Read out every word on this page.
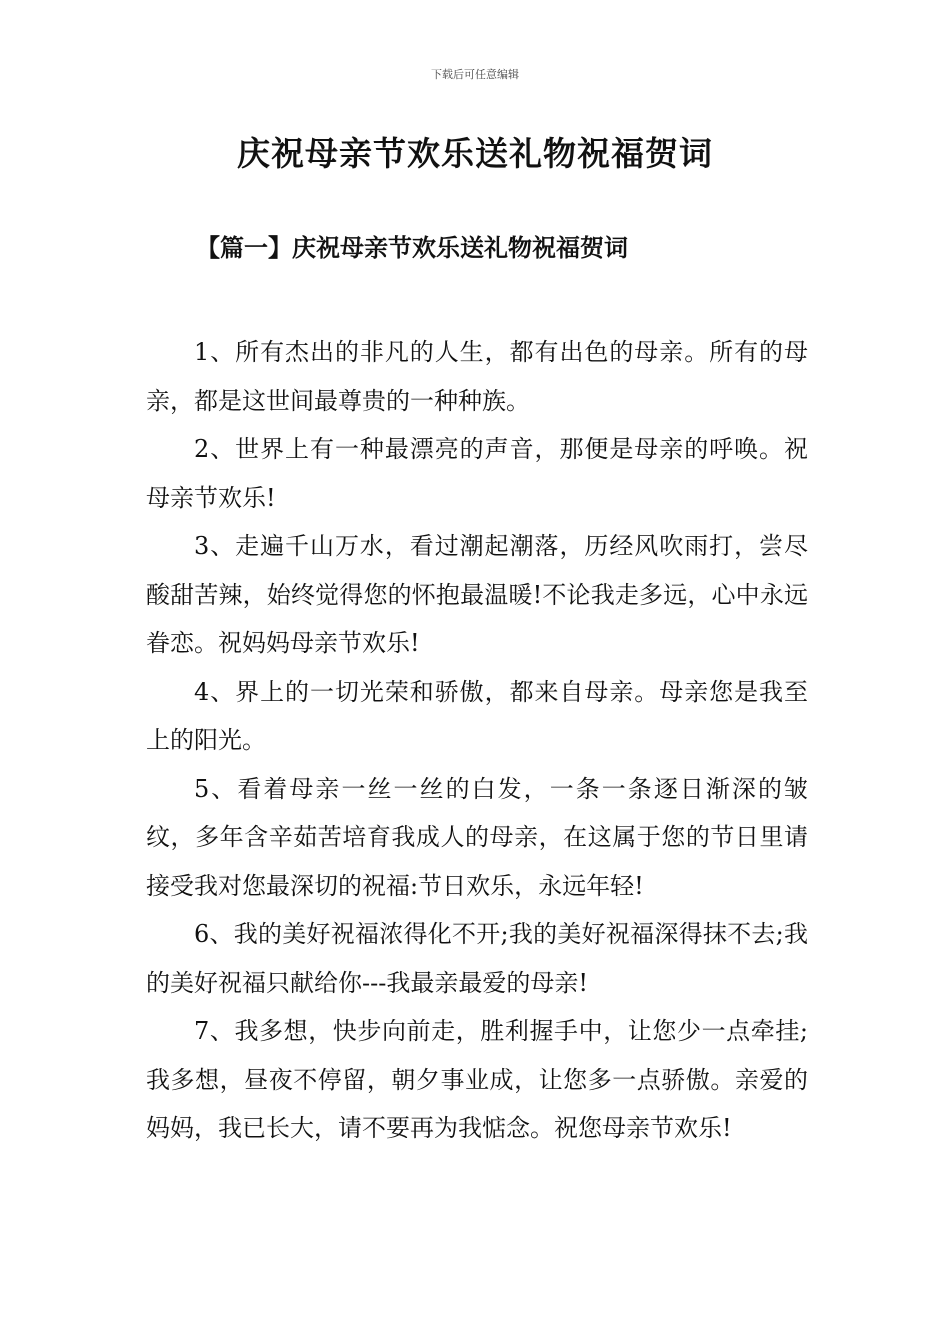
下载后可任意编辑
庆祝母亲节欢乐送礼物祝福贺词
【篇一】庆祝母亲节欢乐送礼物祝福贺词

1、所有杰出的非凡的人生，都有出色的母亲。所有的母亲，都是这世间最尊贵的一种种族。

2、世界上有一种最漂亮的声音，那便是母亲的呼唤。祝母亲节欢乐!

3、走遍千山万水，看过潮起潮落，历经风吹雨打，尝尽酸甜苦辣，始终觉得您的怀抱最温暖!不论我走多远，心中永远眷恋。祝妈妈母亲节欢乐!

4、界上的一切光荣和骄傲，都来自母亲。母亲您是我至上的阳光。

5、看着母亲一丝一丝的白发，一条一条逐日渐深的皱纹，多年含辛茹苦培育我成人的母亲，在这属于您的节日里请接受我对您最深切的祝福:节日欢乐，永远年轻!

6、我的美好祝福浓得化不开;我的美好祝福深得抹不去;我的美好祝福只献给你---我最亲最爱的母亲!

7、我多想，快步向前走，胜利握手中，让您少一点牵挂;我多想，昼夜不停留，朝夕事业成，让您多一点骄傲。亲爱的妈妈，我已长大，请不要再为我惦念。祝您母亲节欢乐!
